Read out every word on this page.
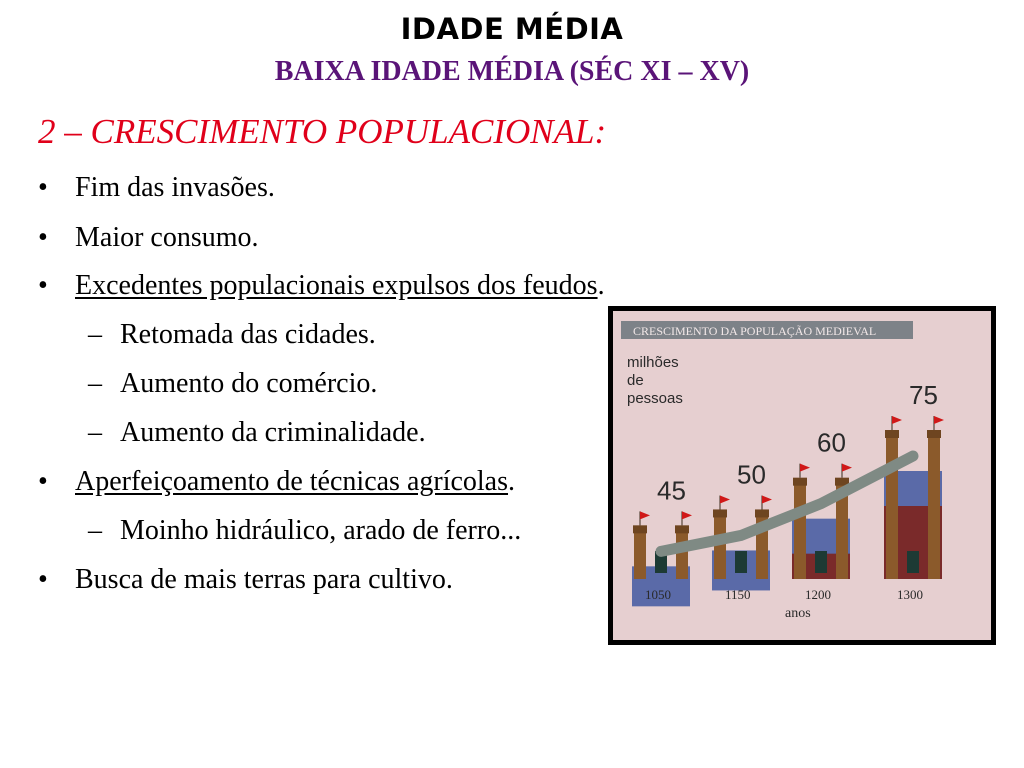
IDADE MÉDIA
BAIXA IDADE MÉDIA (SÉC XI – XV)
2 – CRESCIMENTO POPULACIONAL:
• Fim das invasões.
• Maior consumo.
• Excedentes populacionais expulsos dos feudos.
– Retomada das cidades.
– Aumento do comércio.
– Aumento da criminalidade.
• Aperfeiçoamento de técnicas agrícolas.
– Moinho hidráulico, arado de ferro...
• Busca de mais terras para cultivo.
CRESCIMENTO DA POPULAÇÃO MEDIEVAL
milhões
de
pessoas
45
1050
50
1150
60
1200
75
1300
anos
